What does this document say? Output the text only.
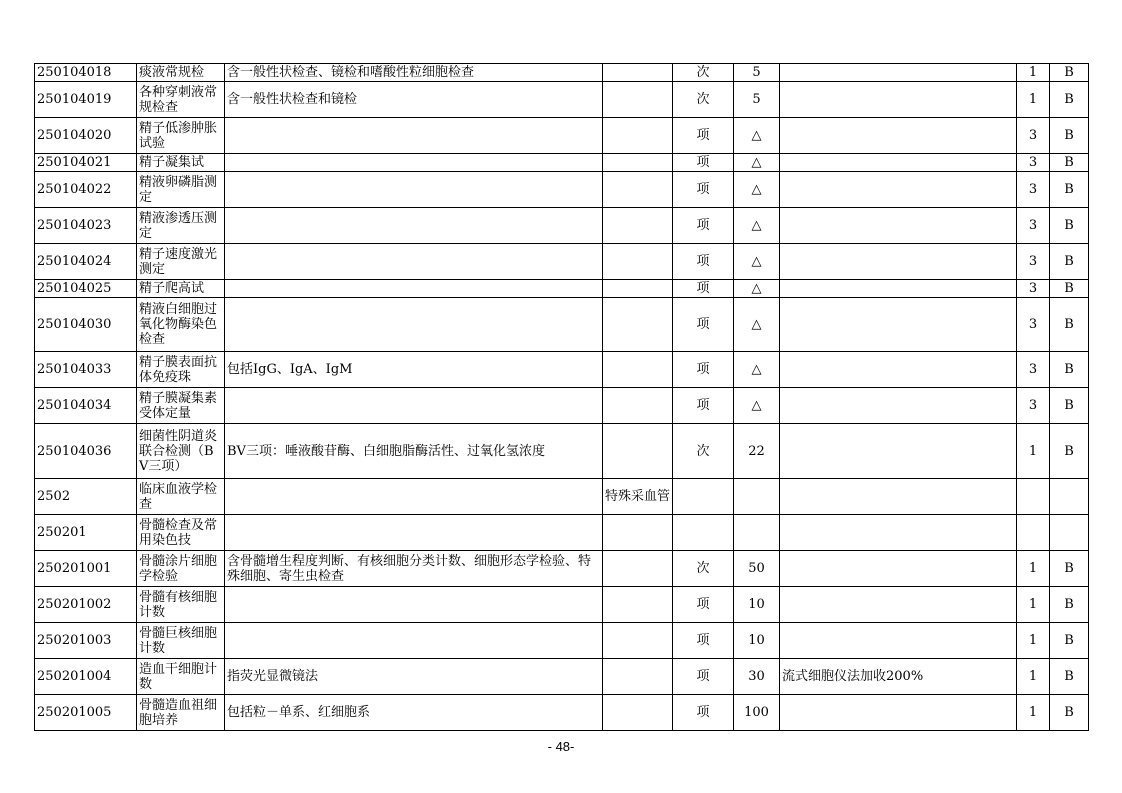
250104018	痰液常规检	含一般性状检查、镜检和嗜酸性粒细胞检查		次	5		1	B
250104019	各种穿刺液常规检查	含一般性状检查和镜检		次	5		1	B
250104020	精子低渗肿胀试验			项	△		3	B
250104021	精子凝集试			项	△		3	B
250104022	精液卵磷脂测定			项	△		3	B
250104023	精液渗透压测定			项	△		3	B
250104024	精子速度激光测定			项	△		3	B
250104025	精子爬高试			项	△		3	B
250104030	精液白细胞过氧化物酶染色检查			项	△		3	B
250104033	精子膜表面抗体免疫珠	包括IgG、IgA、IgM		项	△		3	B
250104034	精子膜凝集素受体定量			项	△		3	B
250104036	细菌性阴道炎联合检测（BV三项）	BV三项：唾液酸苷酶、白细胞脂酶活性、过氧化氢浓度		次	22		1	B
2502	临床血液学检查		特殊采血管					
250201	骨髓检查及常用染色技							
250201001	骨髓涂片细胞学检验	含骨髓增生程度判断、有核细胞分类计数、细胞形态学检验、特殊细胞、寄生虫检查		次	50		1	B
250201002	骨髓有核细胞计数			项	10		1	B
250201003	骨髓巨核细胞计数			项	10		1	B
250201004	造血干细胞计数	指荧光显微镜法		项	30	流式细胞仪法加收200%	1	B
250201005	骨髓造血祖细胞培养	包括粒－单系、红细胞系		项	100		1	B
- 48-
